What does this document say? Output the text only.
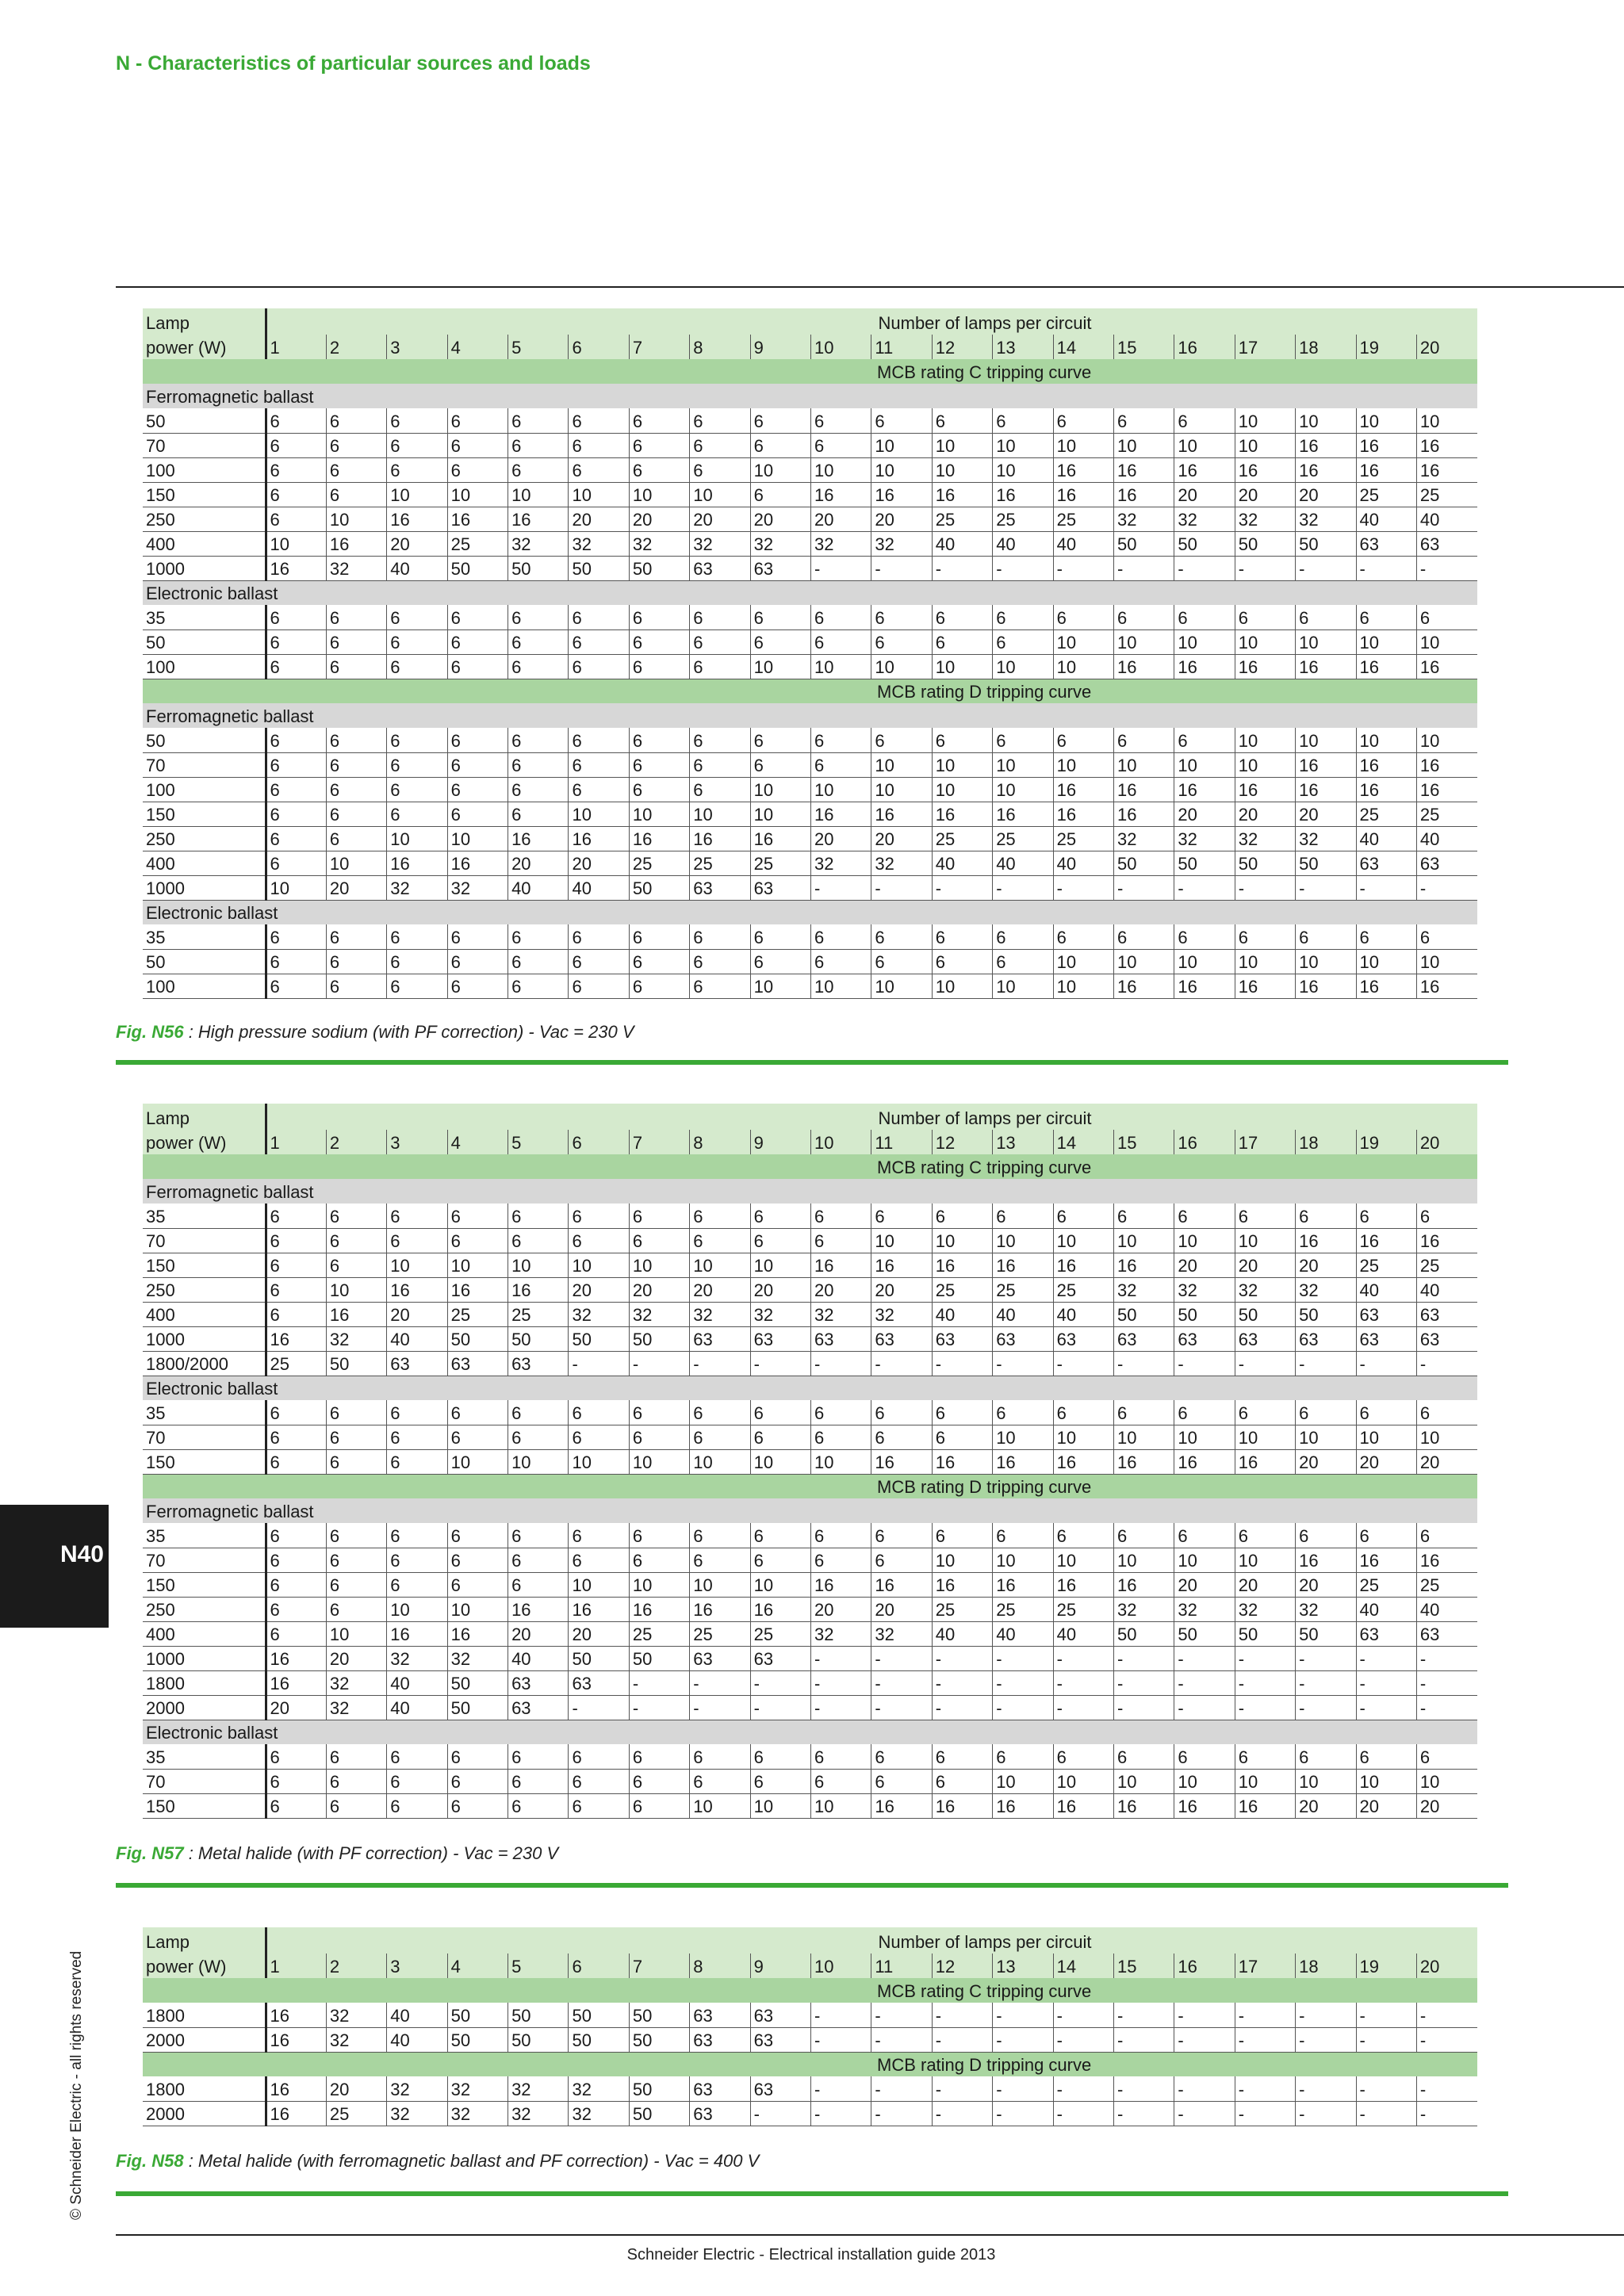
N - Characteristics of particular sources and loads
Lamp	Number of lamps per circuit																			
power (W)	1	2	3	4	5	6	7	8	9	10	11	12	13	14	15	16	17	18	19	20
	MCB rating C tripping curve																			
Ferromagnetic ballast																				
50	6	6	6	6	6	6	6	6	6	6	6	6	6	6	6	6	10	10	10	10
70	6	6	6	6	6	6	6	6	6	6	10	10	10	10	10	10	10	16	16	16
100	6	6	6	6	6	6	6	6	10	10	10	10	10	16	16	16	16	16	16	16
150	6	6	10	10	10	10	10	10	6	16	16	16	16	16	16	20	20	20	25	25
250	6	10	16	16	16	20	20	20	20	20	20	25	25	25	32	32	32	32	40	40
400	10	16	20	25	32	32	32	32	32	32	32	40	40	40	50	50	50	50	63	63
1000	16	32	40	50	50	50	50	63	63	-	-	-	-	-	-	-	-	-	-	-
Electronic ballast																				
35	6	6	6	6	6	6	6	6	6	6	6	6	6	6	6	6	6	6	6	6
50	6	6	6	6	6	6	6	6	6	6	6	6	6	10	10	10	10	10	10	10
100	6	6	6	6	6	6	6	6	10	10	10	10	10	10	16	16	16	16	16	16
	MCB rating D tripping curve																			
Ferromagnetic ballast																				
50	6	6	6	6	6	6	6	6	6	6	6	6	6	6	6	6	10	10	10	10
70	6	6	6	6	6	6	6	6	6	6	10	10	10	10	10	10	10	16	16	16
100	6	6	6	6	6	6	6	6	10	10	10	10	10	16	16	16	16	16	16	16
150	6	6	6	6	6	10	10	10	10	16	16	16	16	16	16	20	20	20	25	25
250	6	6	10	10	16	16	16	16	16	20	20	25	25	25	32	32	32	32	40	40
400	6	10	16	16	20	20	25	25	25	32	32	40	40	40	50	50	50	50	63	63
1000	10	20	32	32	40	40	50	63	63	-	-	-	-	-	-	-	-	-	-	-
Electronic ballast																				
35	6	6	6	6	6	6	6	6	6	6	6	6	6	6	6	6	6	6	6	6
50	6	6	6	6	6	6	6	6	6	6	6	6	6	10	10	10	10	10	10	10
100	6	6	6	6	6	6	6	6	10	10	10	10	10	10	16	16	16	16	16	16
Fig. N56 : High pressure sodium (with PF correction) - Vac = 230 V
Lamp	Number of lamps per circuit																			
power (W)	1	2	3	4	5	6	7	8	9	10	11	12	13	14	15	16	17	18	19	20
	MCB rating C tripping curve																			
Ferromagnetic ballast																				
35	6	6	6	6	6	6	6	6	6	6	6	6	6	6	6	6	6	6	6	6
70	6	6	6	6	6	6	6	6	6	6	10	10	10	10	10	10	10	16	16	16
150	6	6	10	10	10	10	10	10	10	16	16	16	16	16	16	20	20	20	25	25
250	6	10	16	16	16	20	20	20	20	20	20	25	25	25	32	32	32	32	40	40
400	6	16	20	25	25	32	32	32	32	32	32	40	40	40	50	50	50	50	63	63
1000	16	32	40	50	50	50	50	63	63	63	63	63	63	63	63	63	63	63	63	63
1800/2000	25	50	63	63	63	-	-	-	-	-	-	-	-	-	-	-	-	-	-	-
Electronic ballast																				
35	6	6	6	6	6	6	6	6	6	6	6	6	6	6	6	6	6	6	6	6
70	6	6	6	6	6	6	6	6	6	6	6	6	10	10	10	10	10	10	10	10
150	6	6	6	10	10	10	10	10	10	10	16	16	16	16	16	16	16	20	20	20
	MCB rating D tripping curve																			
Ferromagnetic ballast																				
35	6	6	6	6	6	6	6	6	6	6	6	6	6	6	6	6	6	6	6	6
70	6	6	6	6	6	6	6	6	6	6	6	10	10	10	10	10	10	16	16	16
150	6	6	6	6	6	10	10	10	10	16	16	16	16	16	16	20	20	20	25	25
250	6	6	10	10	16	16	16	16	16	20	20	25	25	25	32	32	32	32	40	40
400	6	10	16	16	20	20	25	25	25	32	32	40	40	40	50	50	50	50	63	63
1000	16	20	32	32	40	50	50	63	63	-	-	-	-	-	-	-	-	-	-	-
1800	16	32	40	50	63	63	-	-	-	-	-	-	-	-	-	-	-	-	-	-
2000	20	32	40	50	63	-	-	-	-	-	-	-	-	-	-	-	-	-	-	-
Electronic ballast																				
35	6	6	6	6	6	6	6	6	6	6	6	6	6	6	6	6	6	6	6	6
70	6	6	6	6	6	6	6	6	6	6	6	6	10	10	10	10	10	10	10	10
150	6	6	6	6	6	6	6	10	10	10	16	16	16	16	16	16	16	20	20	20
Fig. N57 : Metal halide (with PF correction) - Vac = 230 V
Lamp	Number of lamps per circuit																			
power (W)	1	2	3	4	5	6	7	8	9	10	11	12	13	14	15	16	17	18	19	20
	MCB rating C tripping curve																			
1800	16	32	40	50	50	50	50	63	63	-	-	-	-	-	-	-	-	-	-	-
2000	16	32	40	50	50	50	50	63	63	-	-	-	-	-	-	-	-	-	-	-
	MCB rating D tripping curve																			
1800	16	20	32	32	32	32	50	63	63	-	-	-	-	-	-	-	-	-	-	-
2000	16	25	32	32	32	32	50	63	-	-	-	-	-	-	-	-	-	-	-	-
Fig. N58 : Metal halide (with ferromagnetic ballast and PF correction) - Vac = 400 V
N40
© Schneider Electric - all rights reserved
Schneider Electric - Electrical installation guide 2013
